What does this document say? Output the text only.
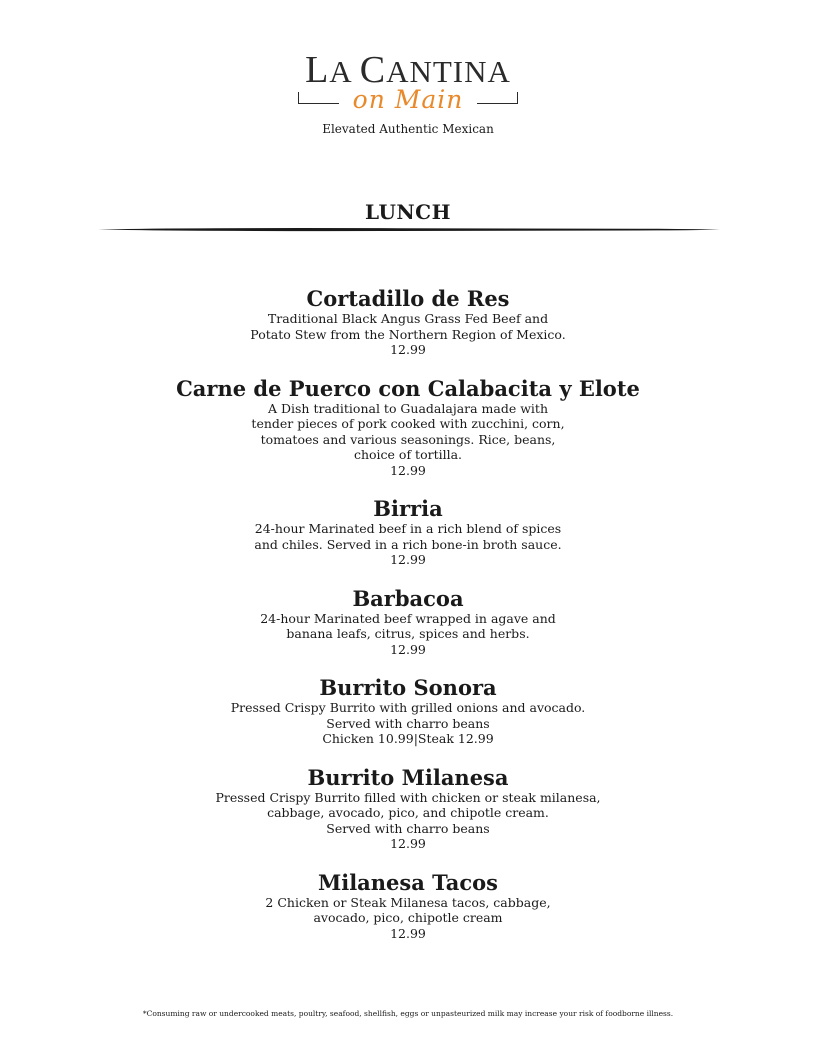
LA CANTINA
on Main
Elevated Authentic Mexican
LUNCH
Cortadillo de Res
Traditional Black Angus Grass Fed Beef and
Potato Stew from the Northern Region of Mexico.
12.99
Carne de Puerco con Calabacita y Elote
A Dish traditional to Guadalajara made with
tender pieces of pork cooked with zucchini, corn,
tomatoes and various seasonings. Rice, beans,
choice of tortilla.
12.99
Birria
24-hour Marinated beef in a rich blend of spices
and chiles. Served in a rich bone-in broth sauce.
12.99
Barbacoa
24-hour Marinated beef wrapped in agave and
banana leafs, citrus, spices and herbs.
12.99
Burrito Sonora
Pressed Crispy Burrito with grilled onions and avocado.
Served with charro beans
Chicken 10.99|Steak 12.99
Burrito Milanesa
Pressed Crispy Burrito filled with chicken or steak milanesa,
cabbage, avocado, pico, and chipotle cream.
Served with charro beans
12.99
Milanesa Tacos
2 Chicken or Steak Milanesa tacos, cabbage,
avocado, pico, chipotle cream
12.99
*Consuming raw or undercooked meats, poultry, seafood, shellfish, eggs or unpasteurized milk may increase your risk of foodborne illness.
